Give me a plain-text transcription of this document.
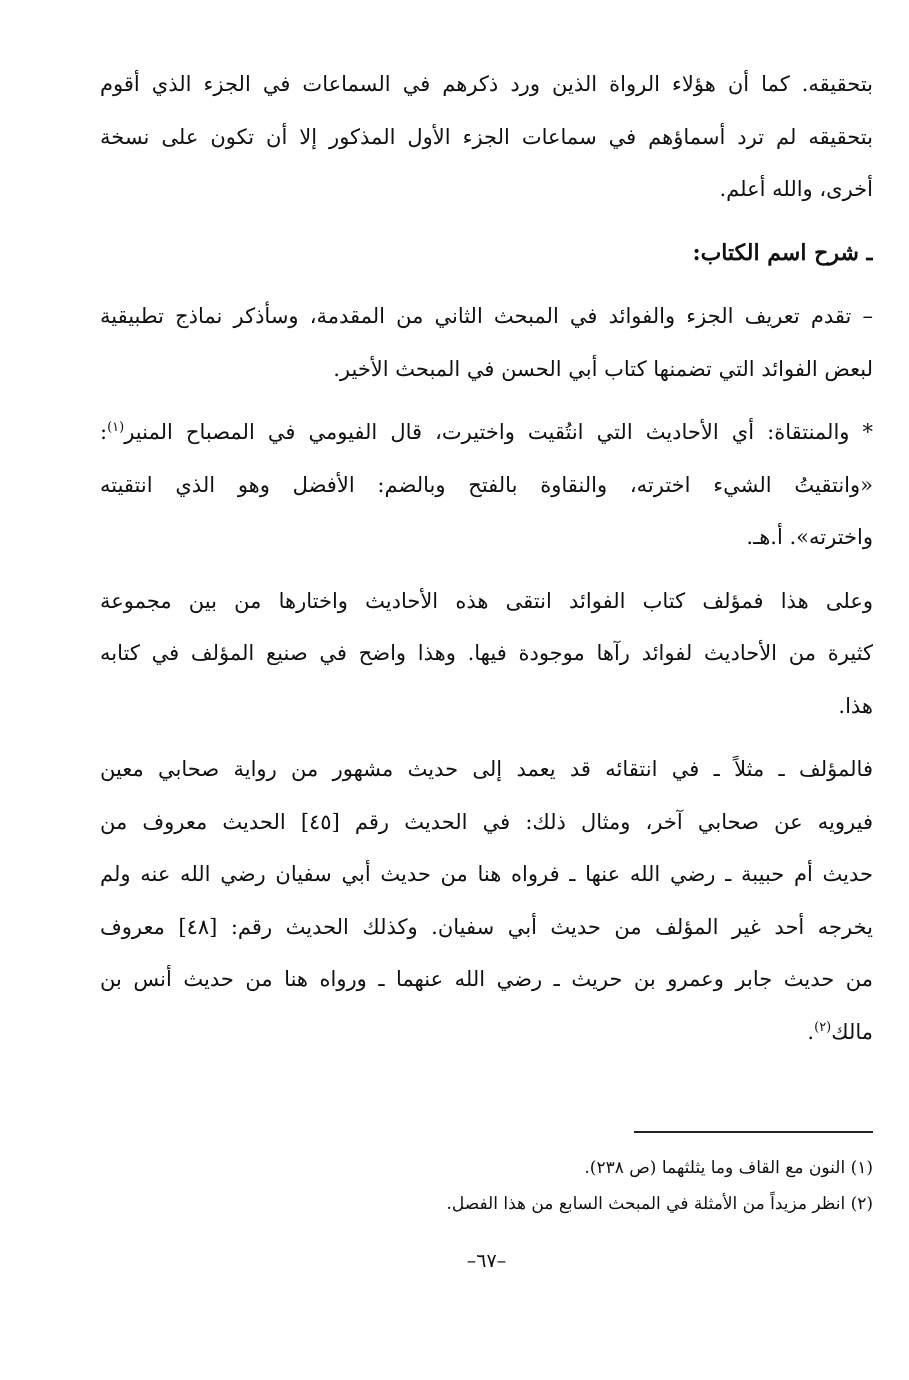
بتحقيقه. كما أن هؤلاء الرواة الذين ورد ذكرهم في السماعات في الجزء الذي أقوم
بتحقيقه لم ترد أسماؤهم في سماعات الجزء الأول المذكور إلا أن تكون على نسخة
أخرى، والله أعلم.
ـ شرح اسم الكتاب:
– تقدم تعريف الجزء والفوائد في المبحث الثاني من المقدمة، وسأذكر نماذج تطبيقية
لبعض الفوائد التي تضمنها كتاب أبي الحسن في المبحث الأخير.
* والمنتقاة: أي الأحاديث التي انتُقيت واختيرت، قال الفيومي في المصباح المنير$^{(١)}$:
«وانتقيتُ الشيء اخترته، والنقاوة بالفتح وبالضم: الأفضل وهو الذي انتقيته
واخترته». أ.هـ.
وعلى هذا فمؤلف كتاب الفوائد انتقى هذه الأحاديث واختارها من بين مجموعة
كثيرة من الأحاديث لفوائد رآها موجودة فيها. وهذا واضح في صنيع المؤلف في كتابه
هذا.
فالمؤلف ـ مثلاً ـ في انتقائه قد يعمد إلى حديث مشهور من رواية صحابي معين
فيرويه عن صحابي آخر، ومثال ذلك: في الحديث رقم [٤٥] الحديث معروف من
حديث أم حبيبة ـ رضي الله عنها ـ فرواه هنا من حديث أبي سفيان رضي الله عنه ولم
يخرجه أحد غير المؤلف من حديث أبي سفيان. وكذلك الحديث رقم: [٤٨] معروف
من حديث جابر وعمرو بن حريث ـ رضي الله عنهما ـ ورواه هنا من حديث أنس بن
مالك$^{(٢)}$.
(١) النون مع القاف وما يثلثهما (ص ٢٣٨).
(٢) انظر مزيداً من الأمثلة في المبحث السابع من هذا الفصل.
–٦٧–
